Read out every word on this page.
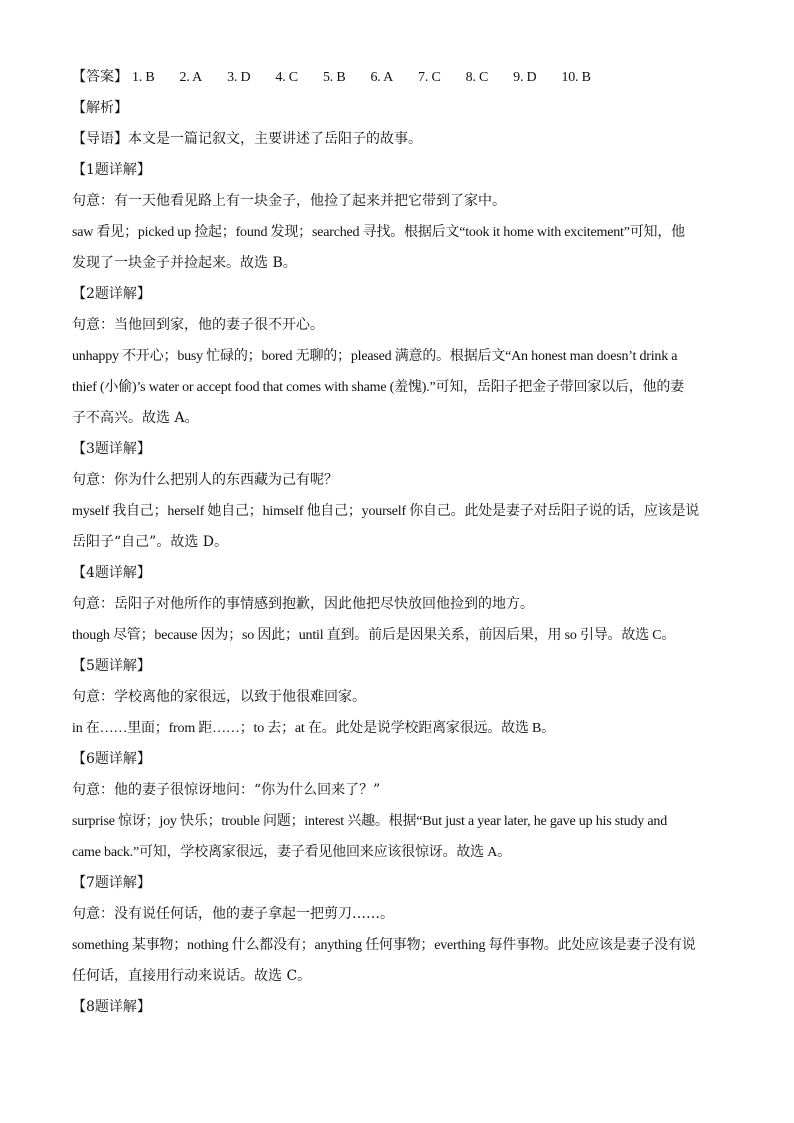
【答案】 1. B 2. A 3. D 4. C 5. B 6. A 7. C 8. C 9. D 10. B
【解析】
【导语】本文是一篇记叙文，主要讲述了岳阳子的故事。
【1题详解】
句意：有一天他看见路上有一块金子，他捡了起来并把它带到了家中。
saw 看见；picked up 捡起；found 发现；searched 寻找。根据后文“took it home with excitement”可知，他
发现了一块金子并捡起来。故选 B。
【2题详解】
句意：当他回到家，他的妻子很不开心。
unhappy 不开心；busy 忙碌的；bored 无聊的；pleased 满意的。根据后文“An honest man doesn’t drink a
thief (小偷)’s water or accept food that comes with shame (羞愧).”可知，岳阳子把金子带回家以后，他的妻
子不高兴。故选 A。
【3题详解】
句意：你为什么把别人的东西藏为己有呢？
myself 我自己；herself 她自己；himself 他自己；yourself 你自己。此处是妻子对岳阳子说的话，应该是说
岳阳子“自己”。故选 D。
【4题详解】
句意：岳阳子对他所作的事情感到抱歉，因此他把尽快放回他捡到的地方。
though 尽管；because 因为；so 因此；until 直到。前后是因果关系，前因后果，用 so 引导。故选 C。
【5题详解】
句意：学校离他的家很远，以致于他很难回家。
in 在……里面；from 距……；to 去；at 在。此处是说学校距离家很远。故选 B。
【6题详解】
句意：他的妻子很惊讶地问：“你为什么回来了？”
surprise 惊讶；joy 快乐；trouble 问题；interest 兴趣。根据“But just a year later, he gave up his study and
came back.”可知，学校离家很远，妻子看见他回来应该很惊讶。故选 A。
【7题详解】
句意：没有说任何话，他的妻子拿起一把剪刀……。
something 某事物；nothing 什么都没有；anything 任何事物；everthing 每件事物。此处应该是妻子没有说
任何话，直接用行动来说话。故选 C。
【8题详解】
